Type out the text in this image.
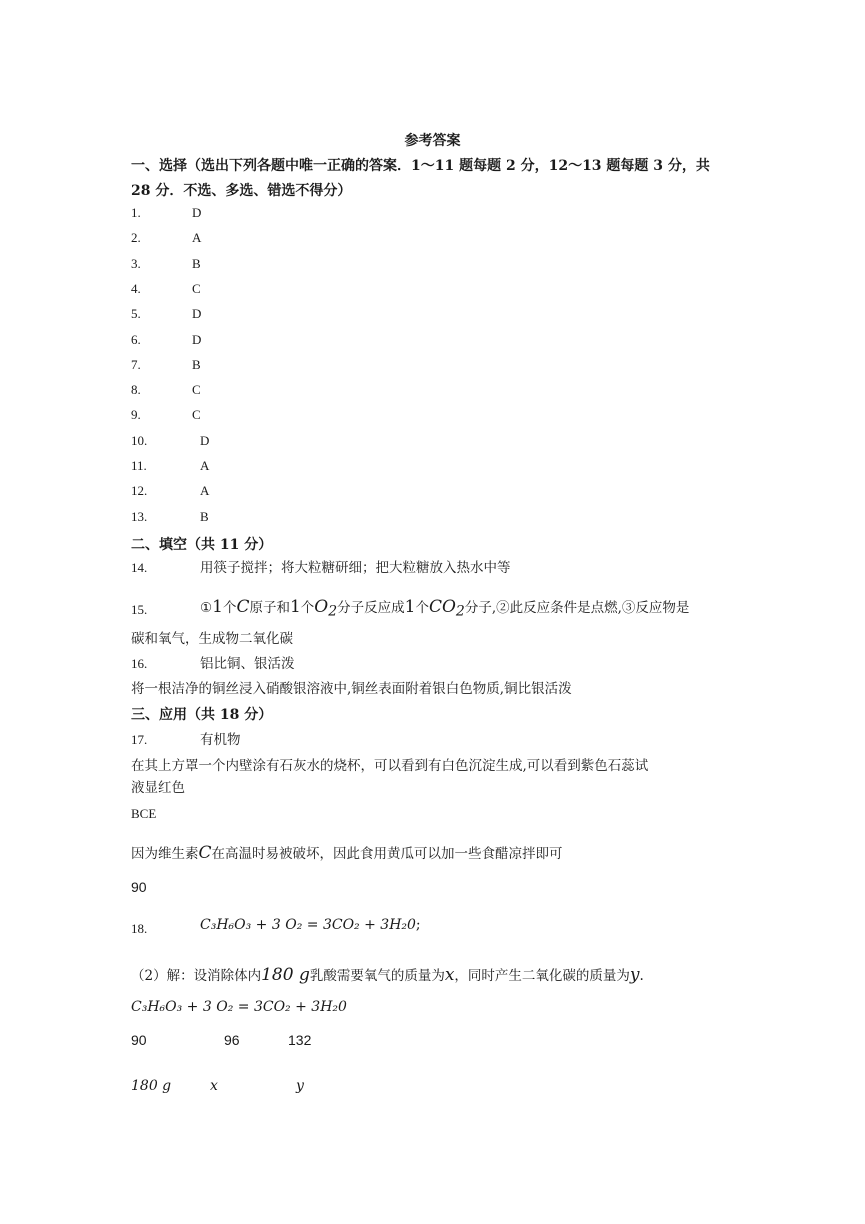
参考答案
一、选择（选出下列各题中唯一正确的答案．1～11 题每题 2 分，12～13 题每题 3 分，共
28 分．不选、多选、错选不得分）
1.	D
2.	A
3.	B
4.	C
5.	D
6.	D
7.	B
8.	C
9.	C
10.	D
11.	A
12.	A
13.	B
二、填空（共 11 分）
14.	用筷子搅拌；将大粒糖研细；把大粒糖放入热水中等
15.	①1个C原子和1个$O_2$分子反应成1个$CO_2$分子,②此反应条件是点燃,③反应物是
碳和氧气，生成物二氧化碳
16.	铝比铜、银活泼
将一根洁净的铜丝浸入硝酸银溶液中,铜丝表面附着银白色物质,铜比银活泼
三、应用（共 18 分）
17.	有机物
在其上方罩一个内壁涂有石灰水的烧杯，可以看到有白色沉淀生成,可以看到紫色石蕊试
液显红色
BCE
因为维生素C在高温时易被破坏，因此食用黄瓜可以加一些食醋凉拌即可
90
18.	C₃H₆O₃ + 3 O₂ = 3CO₂ + 3H₂0;
（2）解：设消除体内180 g乳酸需要氧气的质量为x，同时产生二氧化碳的质量为y.
C₃H₆O₃ + 3 O₂ = 3CO₂ + 3H₂0
90	96	132
180 g	x	y
